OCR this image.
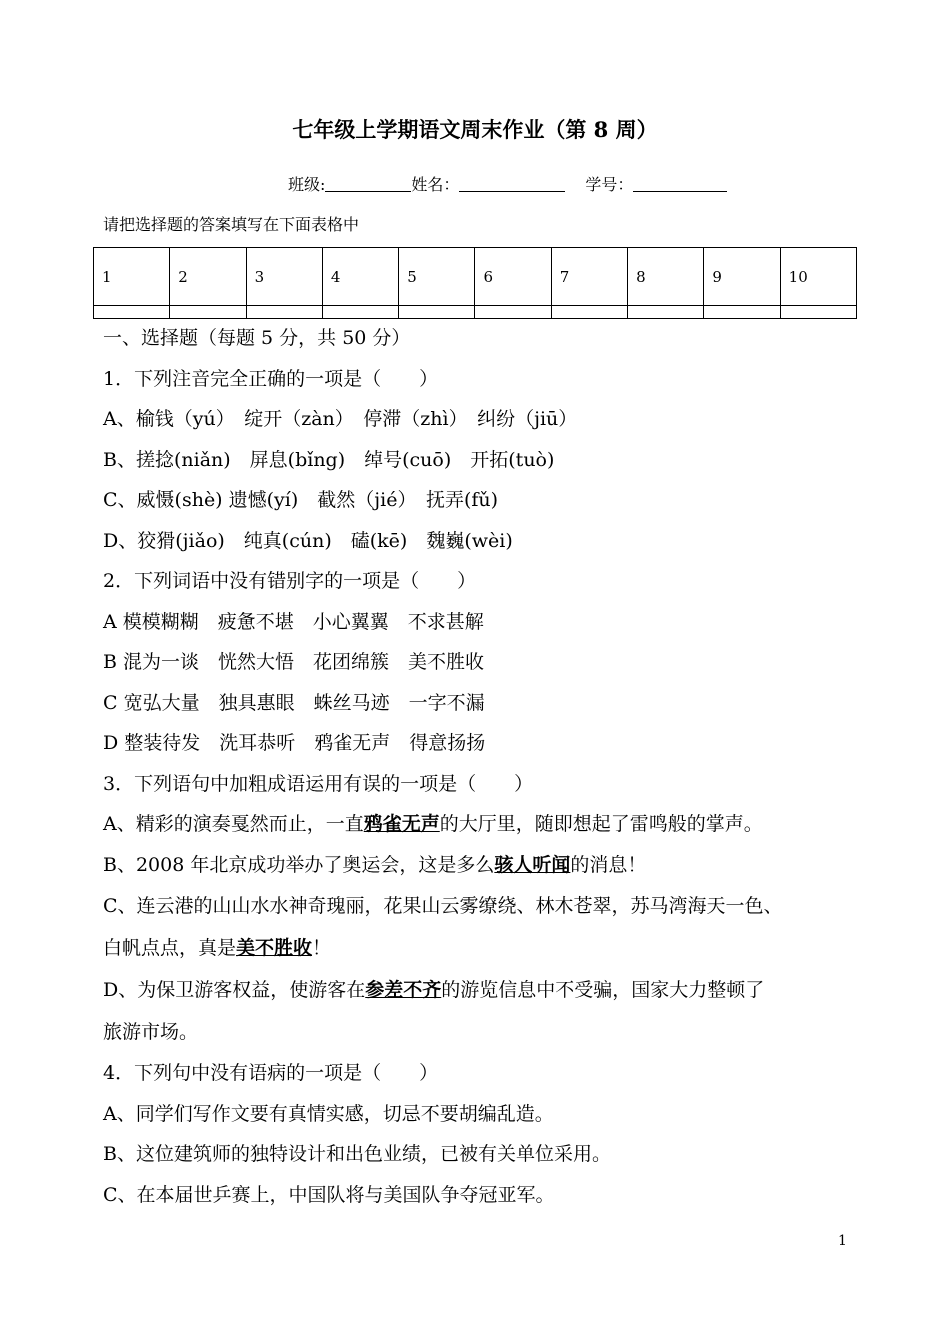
七年级上学期语文周末作业（第 8 周）
班级:	姓名：	学号：
请把选择题的答案填写在下面表格中
1	2	3	4	5	6	7	8	9	10

一、选择题（每题 5 分，共 50 分）
1．下列注音完全正确的一项是（　　）
A、榆钱（yú）　绽开（zàn）　停滞（zhì）　纠纷（jiū）
B、搓捻(niǎn)　屏息(bǐng)　绰号(cuō)　开拓(tuò)
C、威慑(shè) 遗憾(yí)　截然（jié）　抚弄(fǔ)
D、狡猾(jiǎo)　纯真(cún)　磕(kē)　魏巍(wèi)
2．下列词语中没有错别字的一项是（　　）
A 模模糊糊　疲惫不堪　小心翼翼　不求甚解
B 混为一谈　恍然大悟　花团绵簇　美不胜收
C 宽弘大量　独具惠眼　蛛丝马迹　一字不漏
D 整装待发　洗耳恭听　鸦雀无声　得意扬扬
3．下列语句中加粗成语运用有误的一项是（　　）
A、精彩的演奏戛然而止，一直鸦雀无声的大厅里，随即想起了雷鸣般的掌声。
B、2008 年北京成功举办了奥运会，这是多么骇人听闻的消息！
C、连云港的山山水水神奇瑰丽，花果山云雾缭绕、林木苍翠，苏马湾海天一色、
白帆点点，真是美不胜收！
D、为保卫游客权益，使游客在参差不齐的游览信息中不受骗，国家大力整顿了
旅游市场。
4．下列句中没有语病的一项是（　　）
A、同学们写作文要有真情实感，切忌不要胡编乱造。
B、这位建筑师的独特设计和出色业绩，已被有关单位采用。
C、在本届世乒赛上，中国队将与美国队争夺冠亚军。
1
